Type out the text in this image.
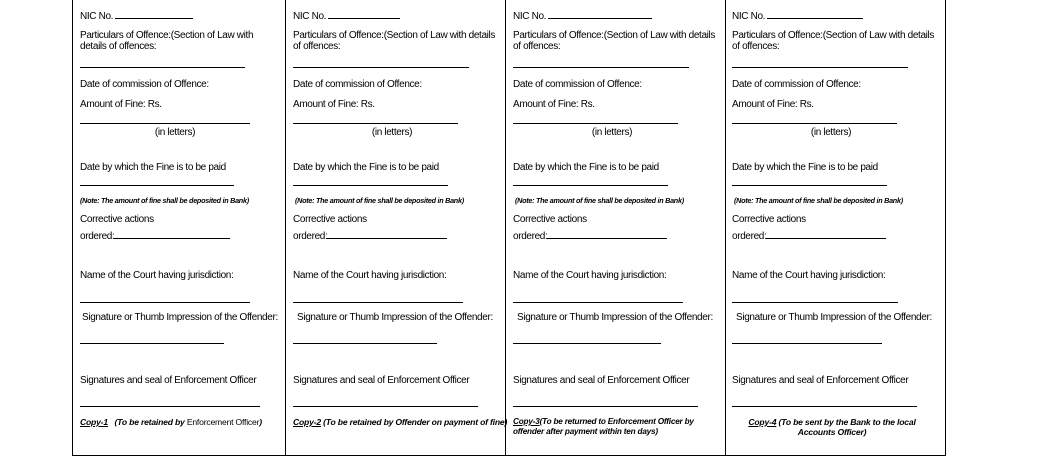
NIC No.
Particulars of Offence:(Section of Law with details of offences:
Date of commission of Offence:
Amount of Fine: Rs.
(in letters)
Date by which the Fine is to be paid
(Note: The amount of fine shall be deposited in Bank)
Corrective actions
ordered:
Name of the Court having jurisdiction:
Signature or Thumb Impression of the Offender:
Signatures and seal of Enforcement Officer
Copy-1 (To be retained by Enforcement Officer)
NIC No.
Particulars of Offence:(Section of Law with details of offences:
Date of commission of Offence:
Amount of Fine: Rs.
(in letters)
Date by which the Fine is to be paid
(Note: The amount of fine shall be deposited in Bank)
Corrective actions
ordered:
Name of the Court having jurisdiction:
Signature or Thumb Impression of the Offender:
Signatures and seal of Enforcement Officer
Copy-2 (To be retained by Offender on payment of fine)
NIC No.
Particulars of Offence:(Section of Law with details of offences:
Date of commission of Offence:
Amount of Fine: Rs.
(in letters)
Date by which the Fine is to be paid
(Note: The amount of fine shall be deposited in Bank)
Corrective actions
ordered:
Name of the Court having jurisdiction:
Signature or Thumb Impression of the Offender:
Signatures and seal of Enforcement Officer
Copy-3(To be returned to Enforcement Officer by offender after payment within ten days)
NIC No.
Particulars of Offence:(Section of Law with details of offences:
Date of commission of Offence:
Amount of Fine: Rs.
(in letters)
Date by which the Fine is to be paid
(Note: The amount of fine shall be deposited in Bank)
Corrective actions
ordered:
Name of the Court having jurisdiction:
Signature or Thumb Impression of the Offender:
Signatures and seal of Enforcement Officer
Copy-4 (To be sent by the Bank to the local Accounts Officer)
